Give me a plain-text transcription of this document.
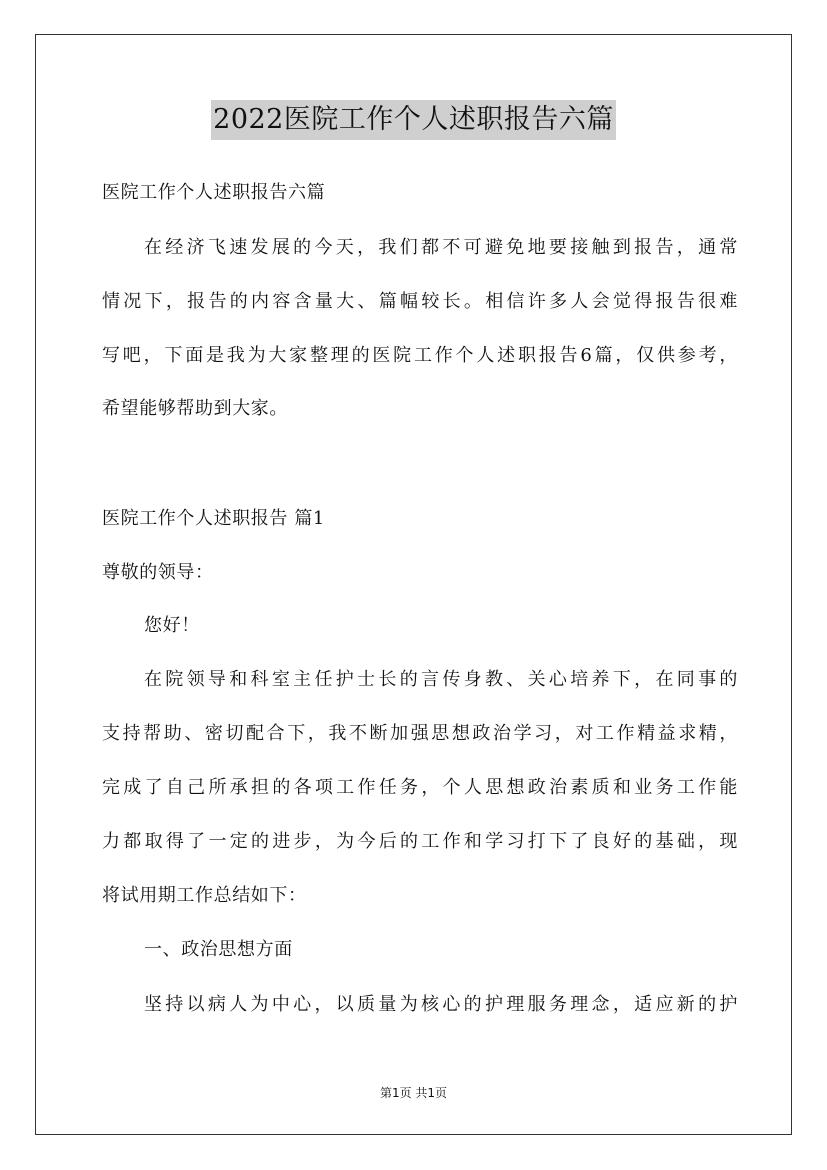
2022医院工作个人述职报告六篇
医院工作个人述职报告六篇
在经济飞速发展的今天，我们都不可避免地要接触到报告，通常
情况下，报告的内容含量大、篇幅较长。相信许多人会觉得报告很难
写吧，下面是我为大家整理的医院工作个人述职报告6篇，仅供参考，
希望能够帮助到大家。
医院工作个人述职报告 篇1
尊敬的领导：
您好！
在院领导和科室主任护士长的言传身教、关心培养下，在同事的
支持帮助、密切配合下，我不断加强思想政治学习，对工作精益求精，
完成了自己所承担的各项工作任务，个人思想政治素质和业务工作能
力都取得了一定的进步，为今后的工作和学习打下了良好的基础，现
将试用期工作总结如下：
一、政治思想方面
坚持以病人为中心，以质量为核心的护理服务理念，适应新的护
第1页 共1页
